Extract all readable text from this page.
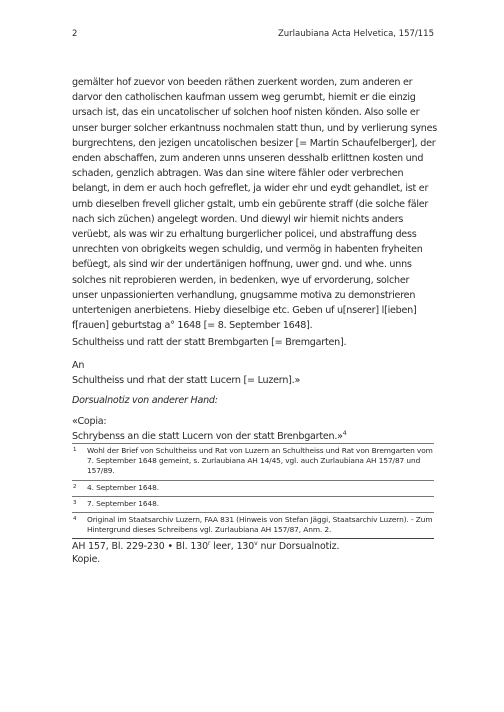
2	Zurlaubiana Acta Helvetica, 157/115

gemälter hof zuevor von beeden räthen zuerkent worden, zum anderen er darvor den catholischen kaufman ussem weg gerumbt, hiemit er die einzig ursach ist, das ein uncatolischer uf solchen hoof nisten könden. Also solle er unser burger solcher erkantnuss nochmalen statt thun, und by verlierung synes burgrechtens, den jezigen uncatolischen besizer [= Martin Schaufelberger], der enden abschaffen, zum anderen unns unseren desshalb erlittnen kosten und schaden, genzlich abtragen. Was dan sine witere fähler oder verbrechen belangt, in dem er auch hoch gefreflet, ja wider ehr und eydt gehandlet, ist er umb dieselben frevell glicher gstalt, umb ein gebürente straff (die solche fäler nach sich züchen) angelegt worden. Und diewyl wir hiemit nichts anders verüebt, als was wir zu erhaltung burgerlicher policei, und abstraffung dess unrechten von obrigkeits wegen schuldig, und vermög in habenten fryheiten befüegt, als sind wir der undertänigen hoffnung, uwer gnd. und whe. unns solches nit reprobieren werden, in bedenken, wye uf ervorderung, solcher unser unpassionierten verhandlung, gnugsamme motiva zu demonstrieren untertenigen anerbietens. Hieby dieselbige etc. Geben uf u[nserer] l[ieben] f[rauen] geburtstag a° 1648 [= 8. September 1648].

Schultheiss und ratt der statt Brembgarten [= Bremgarten].

An

Schultheiss und rhat der statt Lucern [= Luzern].»

Dorsualnotiz von anderer Hand:

«Copia:

Schrybenss an die statt Lucern von der statt Brenbgarten.»$^4$

1	Wohl der Brief von Schultheiss und Rat von Luzern an Schultheiss und Rat von Bremgarten vom 7. September 1648 gemeint, s. Zurlaubiana AH 14/45, vgl. auch Zurlaubiana AH 157/87 und 157/89.
2	4. September 1648.
3	7. September 1648.
4	Original im Staatsarchiv Luzern, FAA 831 (Hinweis von Stefan Jäggi, Staatsarchiv Luzern). - Zum Hintergrund dieses Schreibens vgl. Zurlaubiana AH 157/87, Anm. 2.
AH 157, Bl. 229-230 • Bl. 130$^r$ leer, 130$^v$ nur Dorsualnotiz.
Kopie.
